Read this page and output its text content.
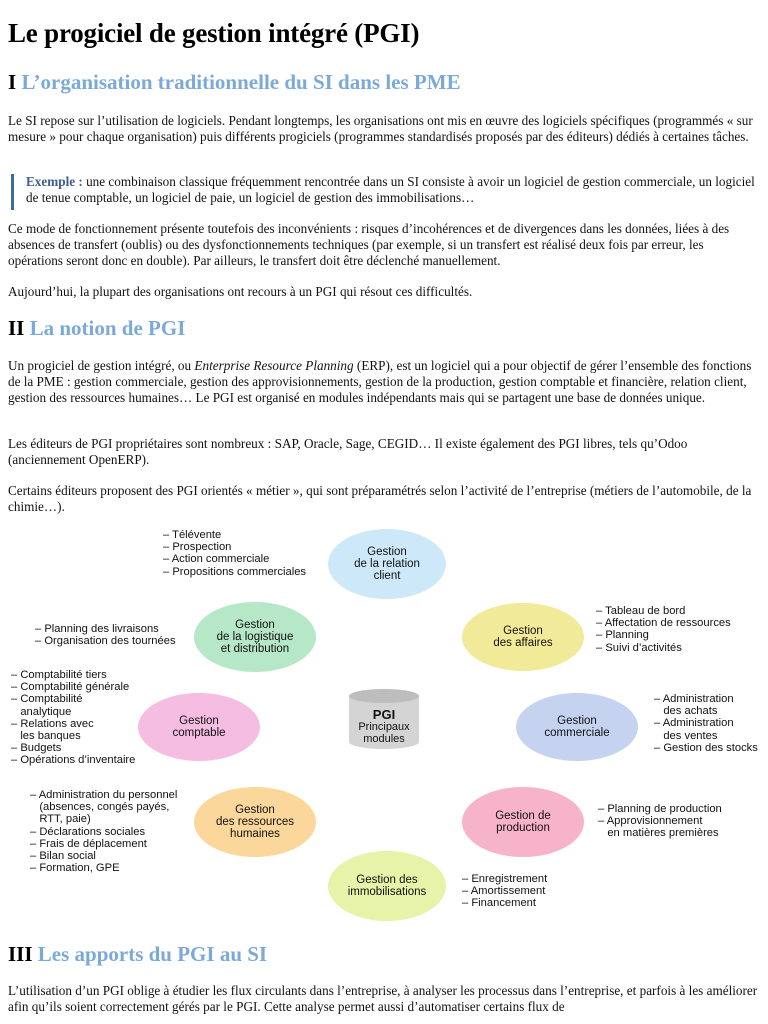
Le progiciel de gestion intégré (PGI)
I L’organisation traditionnelle du SI dans les PME

Le SI repose sur l’utilisation de logiciels. Pendant longtemps, les organisations ont mis en œuvre des logiciels spécifiques (programmés « sur mesure » pour chaque organisation) puis différents progiciels (programmes standardisés proposés par des éditeurs) dédiés à certaines tâches.

Exemple : une combinaison classique fréquemment rencontrée dans un SI consiste à avoir un logiciel de gestion commerciale, un logiciel de tenue comptable, un logiciel de paie, un logiciel de gestion des immobilisations…

Ce mode de fonctionnement présente toutefois des inconvénients : risques d’incohérences et de divergences dans les données, liées à des absences de transfert (oublis) ou des dysfonctionnements techniques (par exemple, si un transfert est réalisé deux fois par erreur, les opérations seront donc en double). Par ailleurs, le transfert doit être déclenché manuellement.

Aujourd’hui, la plupart des organisations ont recours à un PGI qui résout ces difficultés.

II La notion de PGI

Un progiciel de gestion intégré, ou Enterprise Resource Planning (ERP), est un logiciel qui a pour objectif de gérer l’ensemble des fonctions de la PME : gestion commerciale, gestion des approvisionnements, gestion de la production, gestion comptable et financière, relation client, gestion des ressources humaines… Le PGI est organisé en modules indépendants mais qui se partagent une base de données unique.

Les éditeurs de PGI propriétaires sont nombreux : SAP, Oracle, Sage, CEGID… Il existe également des PGI libres, tels qu’Odoo (anciennement OpenERP).

Certains éditeurs proposent des PGI orientés « métier », qui sont préparamétrés selon l’activité de l’entreprise (métiers de l’automobile, de la chimie…).

III Les apports du PGI au SI

L’utilisation d’un PGI oblige à étudier les flux circulants dans l’entreprise, à analyser les processus dans l’entreprise, et parfois à les améliorer afin qu’ils soient correctement gérés par le PGI. Cette analyse permet aussi d’automatiser certains flux de

PGI
Principaux
modules
Gestion
de la relation
client
– Télévente
– Prospection
– Action commerciale
– Propositions commerciales
Gestion
de la logistique
et distribution
– Planning des livraisons
– Organisation des tournées
Gestion
des affaires
– Tableau de bord
– Affectation de ressources
– Planning
– Suivi d’activités
Gestion
comptable
– Comptabilité tiers
– Comptabilité générale
– Comptabilité
analytique
– Relations avec
les banques
– Budgets
– Opérations d’inventaire
Gestion
commerciale
– Administration
des achats
– Administration
des ventes
– Gestion des stocks
Gestion
des ressources
humaines
– Administration du personnel
(absences, congés payés,
RTT, paie)
– Déclarations sociales
– Frais de déplacement
– Bilan social
– Formation, GPE
Gestion de
production
– Planning de production
– Approvisionnement
en matières premières
Gestion des
immobilisations
– Enregistrement
– Amortissement
– Financement
